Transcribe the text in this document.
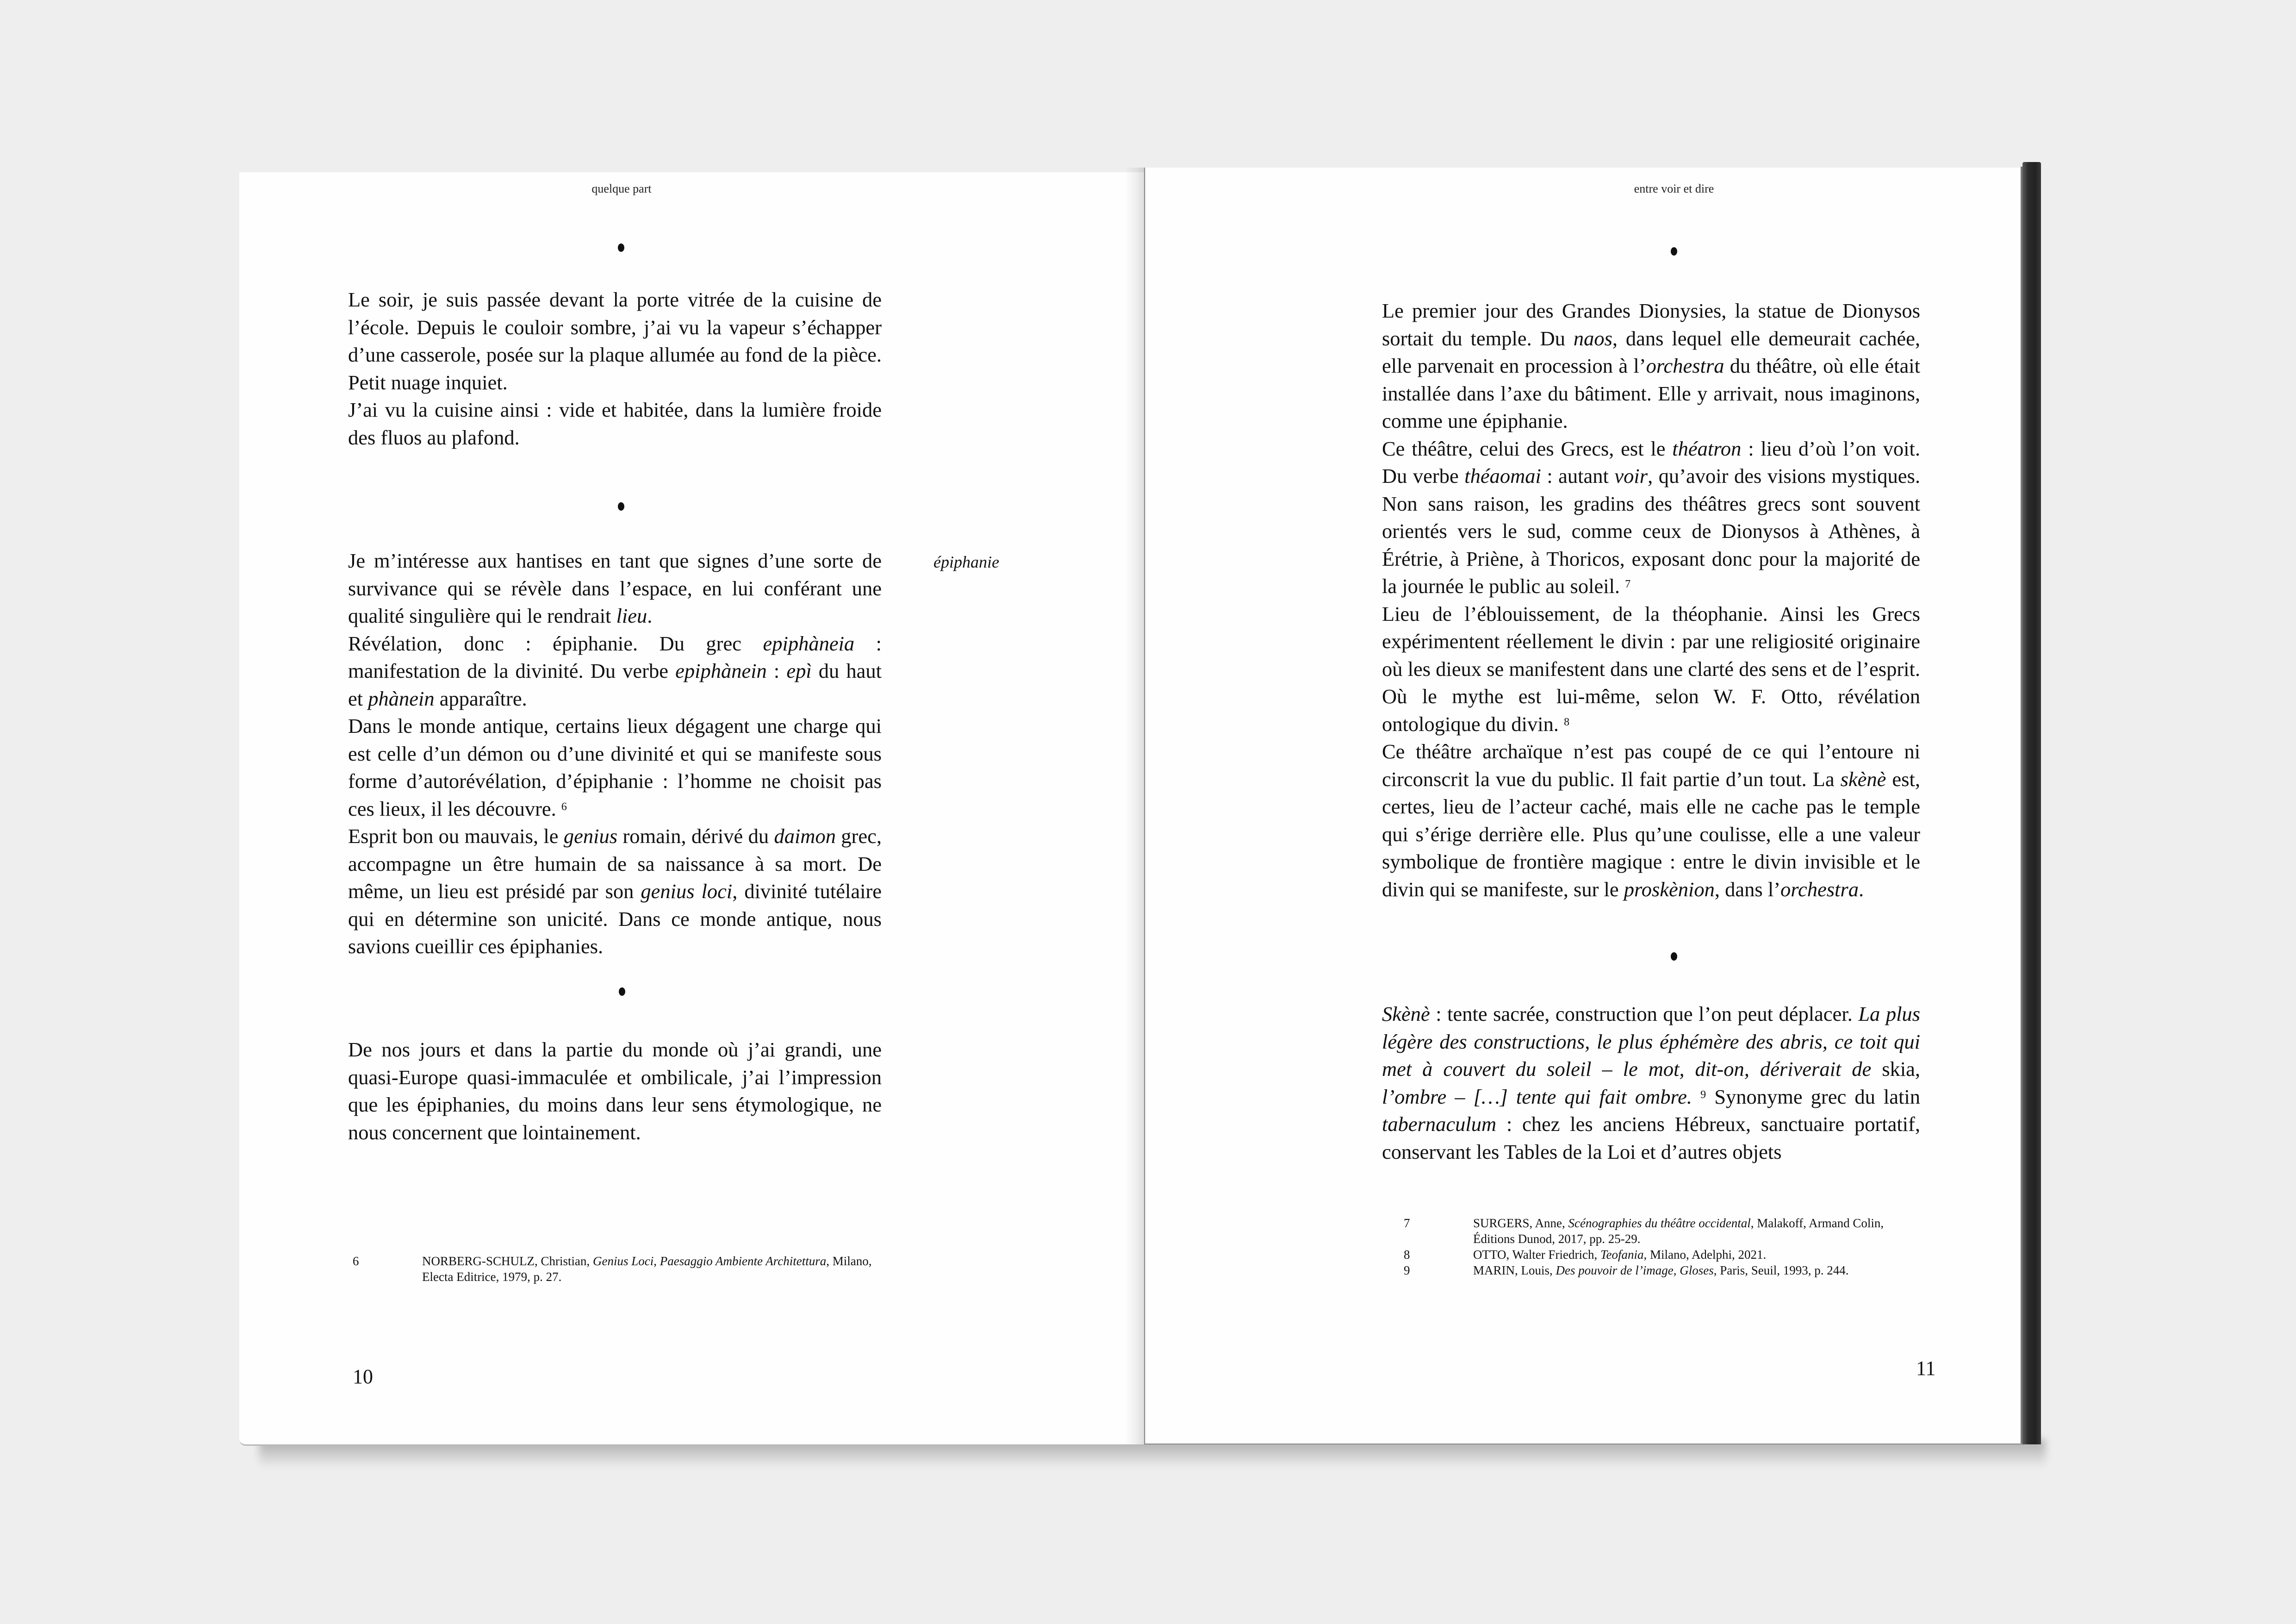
quelque part

Le soir, je suis passée devant la porte vitrée de la cuisine de l’école. Depuis le couloir sombre, j’ai vu la vapeur s’échapper d’une casserole, posée sur la plaque allumée au fond de la pièce. Petit nuage inquiet.

J’ai vu la cuisine ainsi : vide et habitée, dans la lumière froide des fluos au plafond.

Je m’intéresse aux hantises en tant que signes d’une sorte de survivance qui se révèle dans l’espace, en lui conférant une qualité singulière qui le rendrait lieu.

Révélation, donc : épiphanie. Du grec epiphàneia : manifestation de la divinité. Du verbe epiphànein : epì du haut et phànein apparaître.

Dans le monde antique, certains lieux dégagent une charge qui est celle d’un démon ou d’une divinité et qui se manifeste sous forme d’autorévélation, d’épiphanie : l’homme ne choisit pas ces lieux, il les découvre. $^6$

Esprit bon ou mauvais, le genius romain, dérivé du daimon grec, accompagne un être humain de sa naissance à sa mort. De même, un lieu est présidé par son genius loci, divinité tutélaire qui en détermine son unicité. Dans ce monde antique, nous savions cueillir ces épiphanies.

épiphanie

De nos jours et dans la partie du monde où j’ai grandi, une quasi-Europe quasi-immaculée et ombilicale, j’ai l’impression que les épiphanies, du moins dans leur sens étymologique, ne nous concernent que lointainement.

6	NORBERG-SCHULZ, Christian, Genius Loci, Paesaggio Ambiente Architettura, Milano, Electa Editrice, 1979, p. 27.
10
entre voir et dire

Le premier jour des Grandes Dionysies, la statue de Dionysos sortait du temple. Du naos, dans lequel elle demeurait cachée, elle parvenait en procession à l’orchestra du théâtre, où elle était installée dans l’axe du bâtiment. Elle y arrivait, nous imaginons, comme une épiphanie.

Ce théâtre, celui des Grecs, est le théatron : lieu d’où l’on voit. Du verbe théaomai : autant voir, qu’avoir des visions mystiques. Non sans raison, les gradins des théâtres grecs sont souvent orientés vers le sud, comme ceux de Dionysos à Athènes, à Érétrie, à Priène, à Thoricos, exposant donc pour la majorité de la journée le public au soleil. $^7$

Lieu de l’éblouissement, de la théophanie. Ainsi les Grecs expérimentent réellement le divin : par une religiosité originaire où les dieux se manifestent dans une clarté des sens et de l’esprit. Où le mythe est lui-même, selon W. F. Otto, révélation ontologique du divin. $^8$

Ce théâtre archaïque n’est pas coupé de ce qui l’entoure ni circonscrit la vue du public. Il fait partie d’un tout. La skènè est, certes, lieu de l’acteur caché, mais elle ne cache pas le temple qui s’érige derrière elle. Plus qu’une coulisse, elle a une valeur symbolique de frontière magique : entre le divin invisible et le divin qui se manifeste, sur le proskènion, dans l’orchestra.

Skènè : tente sacrée, construction que l’on peut déplacer. La plus légère des constructions, le plus éphémère des abris, ce toit qui met à couvert du soleil – le mot, dit-on, dériverait de skia, l’ombre – […] tente qui fait ombre. $^9$ Synonyme grec du latin tabernaculum : chez les anciens Hébreux, sanctuaire portatif, conservant les Tables de la Loi et d’autres objets

7	SURGERS, Anne, Scénographies du théâtre occidental, Malakoff, Armand Colin, Éditions Dunod, 2017, pp. 25-29.
8	OTTO, Walter Friedrich, Teofania, Milano, Adelphi, 2021.
9	MARIN, Louis, Des pouvoir de l’image, Gloses, Paris, Seuil, 1993, p. 244.
11
